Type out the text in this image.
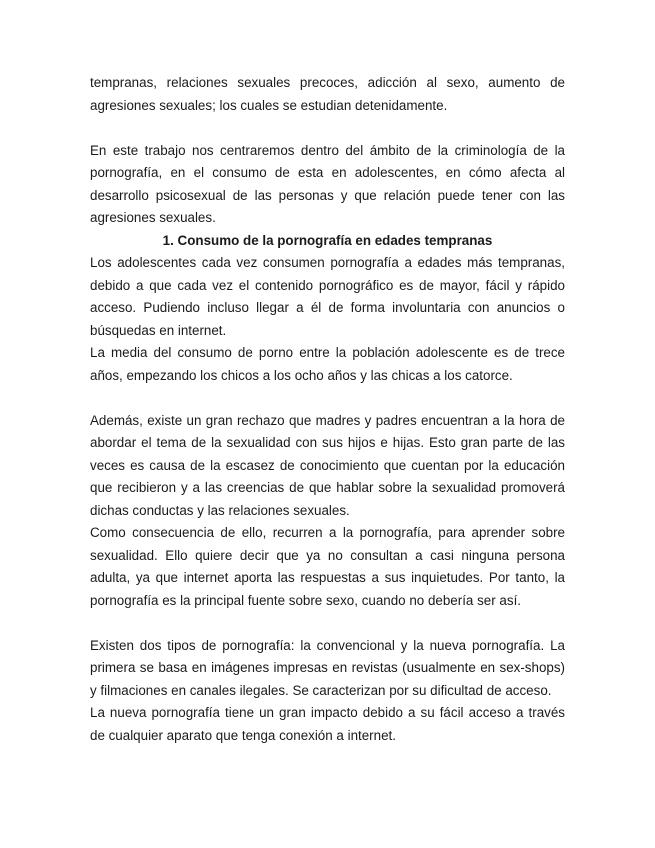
tempranas, relaciones sexuales precoces, adicción al sexo, aumento de agresiones sexuales; los cuales se estudian detenidamente.

En este trabajo nos centraremos dentro del ámbito de la criminología de la pornografía, en el consumo de esta en adolescentes, en cómo afecta al desarrollo psicosexual de las personas y que relación puede tener con las agresiones sexuales.

1. Consumo de la pornografía en edades tempranas

Los adolescentes cada vez consumen pornografía a edades más tempranas, debido a que cada vez el contenido pornográfico es de mayor, fácil y rápido acceso. Pudiendo incluso llegar a él de forma involuntaria con anuncios o búsquedas en internet.

La media del consumo de porno entre la población adolescente es de trece años, empezando los chicos a los ocho años y las chicas a los catorce.

Además, existe un gran rechazo que madres y padres encuentran a la hora de abordar el tema de la sexualidad con sus hijos e hijas. Esto gran parte de las veces es causa de la escasez de conocimiento que cuentan por la educación que recibieron y a las creencias de que hablar sobre la sexualidad promoverá dichas conductas y las relaciones sexuales.

Como consecuencia de ello, recurren a la pornografía, para aprender sobre sexualidad. Ello quiere decir que ya no consultan a casi ninguna persona adulta, ya que internet aporta las respuestas a sus inquietudes. Por tanto, la pornografía es la principal fuente sobre sexo, cuando no debería ser así.

Existen dos tipos de pornografía: la convencional y la nueva pornografía. La primera se basa en imágenes impresas en revistas (usualmente en sex-shops) y filmaciones en canales ilegales. Se caracterizan por su dificultad de acceso.

La nueva pornografía tiene un gran impacto debido a su fácil acceso a través de cualquier aparato que tenga conexión a internet.
